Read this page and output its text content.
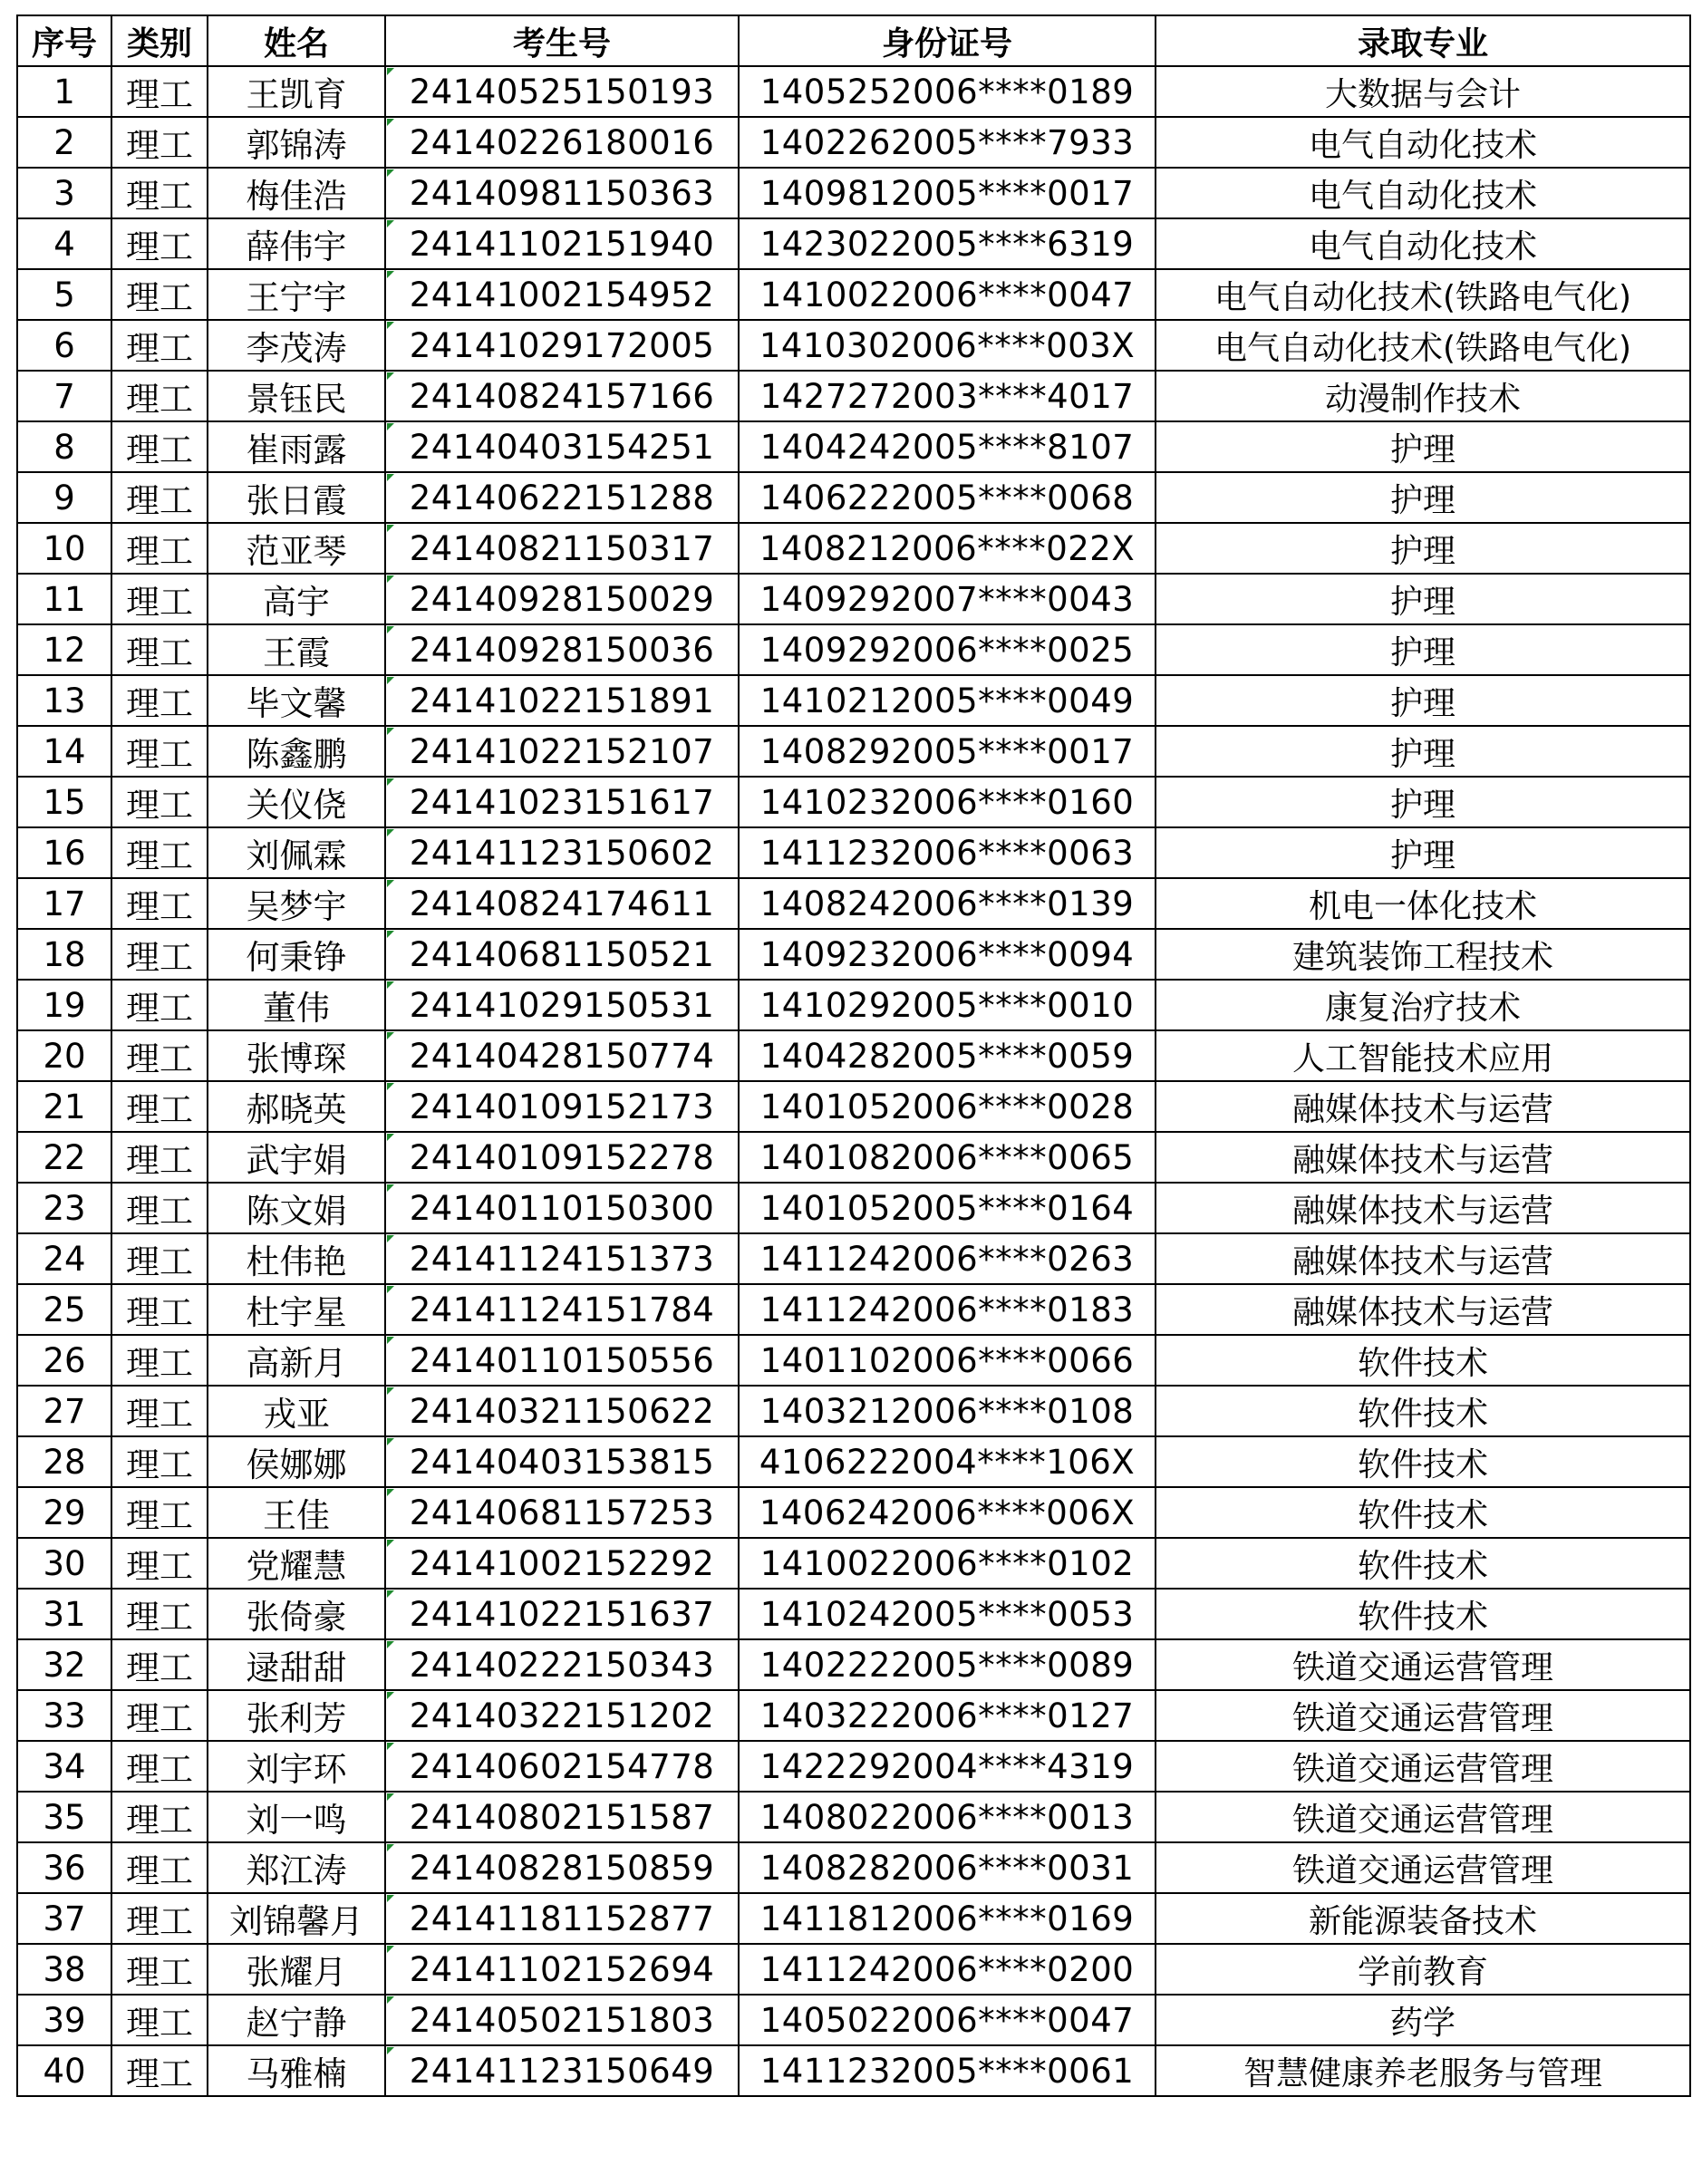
序号	类别	姓名	考生号	身份证号	录取专业
1	理工	王凯育	24140525150193	1405252006****0189	大数据与会计
2	理工	郭锦涛	24140226180016	1402262005****7933	电气自动化技术
3	理工	梅佳浩	24140981150363	1409812005****0017	电气自动化技术
4	理工	薛伟宇	24141102151940	1423022005****6319	电气自动化技术
5	理工	王宁宇	24141002154952	1410022006****0047	电气自动化技术(铁路电气化)
6	理工	李茂涛	24141029172005	1410302006****003X	电气自动化技术(铁路电气化)
7	理工	景钰民	24140824157166	1427272003****4017	动漫制作技术
8	理工	崔雨露	24140403154251	1404242005****8107	护理
9	理工	张日霞	24140622151288	1406222005****0068	护理
10	理工	范亚琴	24140821150317	1408212006****022X	护理
11	理工	高宇	24140928150029	1409292007****0043	护理
12	理工	王霞	24140928150036	1409292006****0025	护理
13	理工	毕文馨	24141022151891	1410212005****0049	护理
14	理工	陈鑫鹏	24141022152107	1408292005****0017	护理
15	理工	关仪侥	24141023151617	1410232006****0160	护理
16	理工	刘佩霖	24141123150602	1411232006****0063	护理
17	理工	吴梦宇	24140824174611	1408242006****0139	机电一体化技术
18	理工	何秉铮	24140681150521	1409232006****0094	建筑装饰工程技术
19	理工	董伟	24141029150531	1410292005****0010	康复治疗技术
20	理工	张博琛	24140428150774	1404282005****0059	人工智能技术应用
21	理工	郝晓英	24140109152173	1401052006****0028	融媒体技术与运营
22	理工	武宇娟	24140109152278	1401082006****0065	融媒体技术与运营
23	理工	陈文娟	24140110150300	1401052005****0164	融媒体技术与运营
24	理工	杜伟艳	24141124151373	1411242006****0263	融媒体技术与运营
25	理工	杜宇星	24141124151784	1411242006****0183	融媒体技术与运营
26	理工	高新月	24140110150556	1401102006****0066	软件技术
27	理工	戎亚	24140321150622	1403212006****0108	软件技术
28	理工	侯娜娜	24140403153815	4106222004****106X	软件技术
29	理工	王佳	24140681157253	1406242006****006X	软件技术
30	理工	党耀慧	24141002152292	1410022006****0102	软件技术
31	理工	张倚豪	24141022151637	1410242005****0053	软件技术
32	理工	逯甜甜	24140222150343	1402222005****0089	铁道交通运营管理
33	理工	张利芳	24140322151202	1403222006****0127	铁道交通运营管理
34	理工	刘宇环	24140602154778	1422292004****4319	铁道交通运营管理
35	理工	刘一鸣	24140802151587	1408022006****0013	铁道交通运营管理
36	理工	郑江涛	24140828150859	1408282006****0031	铁道交通运营管理
37	理工	刘锦馨月	24141181152877	1411812006****0169	新能源装备技术
38	理工	张耀月	24141102152694	1411242006****0200	学前教育
39	理工	赵宁静	24140502151803	1405022006****0047	药学
40	理工	马雅楠	24141123150649	1411232005****0061	智慧健康养老服务与管理
